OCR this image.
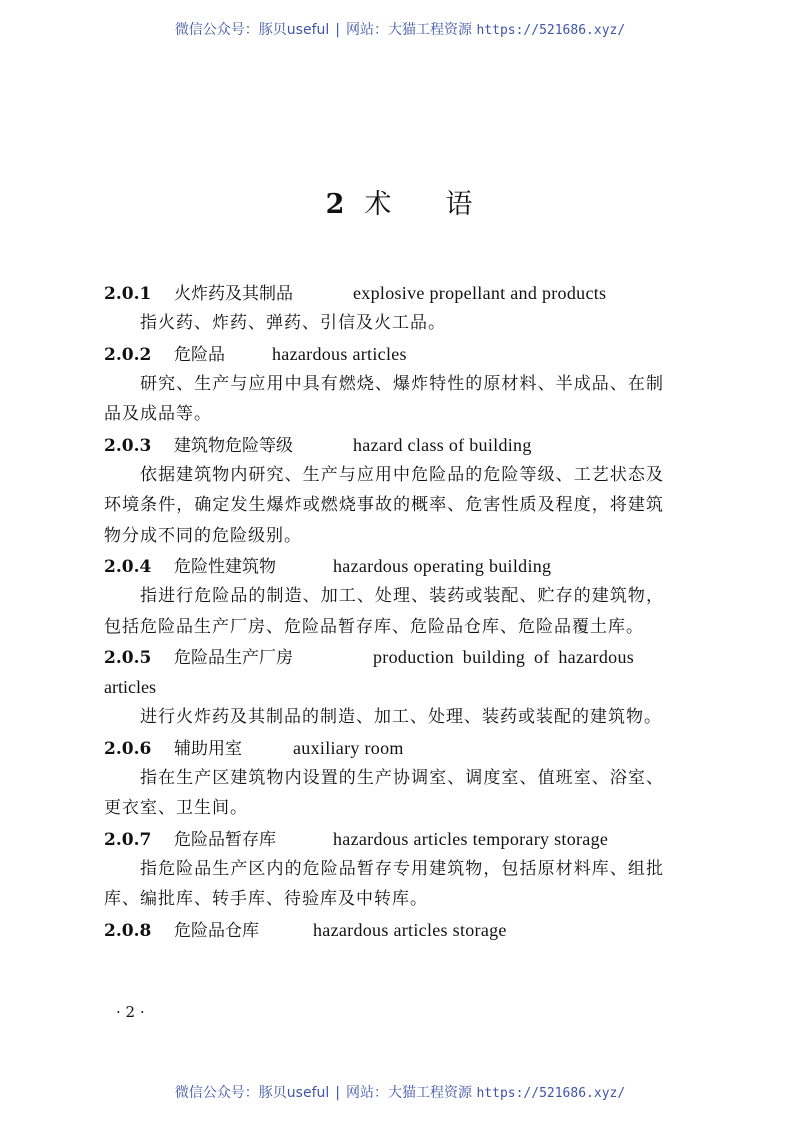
微信公众号：豚贝useful | 网站：大猫工程资源 https://521686.xyz/
2 术 语
2.0.1 火炸药及其制品	explosive propellant and products
指火药、炸药、弹药、引信及火工品。
2.0.2 危险品	hazardous articles
研究、生产与应用中具有燃烧、爆炸特性的原材料、半成品、在制品及成品等。
2.0.3 建筑物危险等级	hazard class of building
依据建筑物内研究、生产与应用中危险品的危险等级、工艺状态及环境条件，确定发生爆炸或燃烧事故的概率、危害性质及程度，将建筑物分成不同的危险级别。
2.0.4 危险性建筑物	hazardous operating building
指进行危险品的制造、加工、处理、装药或装配、贮存的建筑物，包括危险品生产厂房、危险品暂存库、危险品仓库、危险品覆土库。
2.0.5 危险品生产厂房	production building of hazardous
articles
进行火炸药及其制品的制造、加工、处理、装药或装配的建筑物。
2.0.6 辅助用室	auxiliary room
指在生产区建筑物内设置的生产协调室、调度室、值班室、浴室、更衣室、卫生间。
2.0.7 危险品暂存库	hazardous articles temporary storage
指危险品生产区内的危险品暂存专用建筑物，包括原材料库、组批库、编批库、转手库、待验库及中转库。
2.0.8 危险品仓库	hazardous articles storage
· 2 ·
微信公众号：豚贝useful | 网站：大猫工程资源 https://521686.xyz/
